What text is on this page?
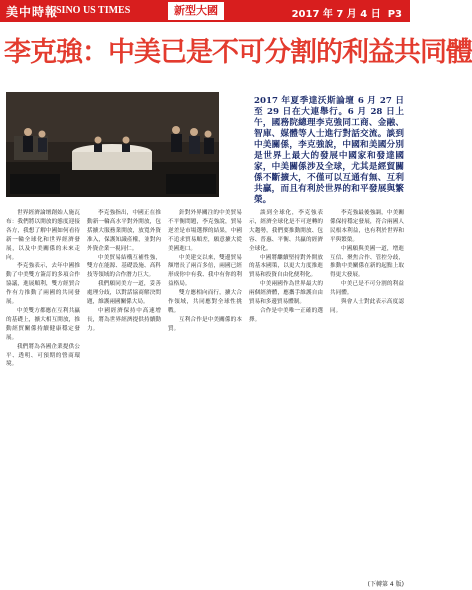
美中時報
SINO US TIMES	新型大國	2017 年 7 月 4 日 P3
李克強：中美已是不可分割的利益共同體
2017 年夏季達沃斯論壇 6 月 27 日至 29 日在大連舉行。6 月 28 日上午，國務院總理李克強同工商、金融、智庫、媒體等人士進行對話交流。談到中美關係，李克強說，中國和美國分別是世界上最大的發展中國家和發達國家，中美關係涉及全球，尤其是經貿關係不斷擴大，不僅可以互通有無、互利共贏，而且有利於世界的和平發展與繁榮。

世界經濟論壇創始人施瓦布：我們將以開放的態度迎接各方，我想了解中國如何看待新一輪全球化和世界經濟發展，以及中美關係的未來走向。

李克強表示，去年中國推動了中美雙方簽訂的多項合作協議，進展順利，雙方經貿合作有力推動了兩國的共同發展。

中美雙方都應在互利共贏的基礎上，擴大相互開放，推動經貿關係持續健康穩定發展。

我們將為各國企業提供公平、透明、可預期的營商環境。

李克強指出，中國正在推動新一輪高水平對外開放，包括擴大服務業開放，放寬外資准入，保護知識產權，並對內外資企業一視同仁。

中美貿易結構互補性強，雙方在能源、基礎設施、高科技等領域的合作潛力巨大。

我們願同美方一道，妥善處理分歧，以對話協商解決問題，維護兩國關係大局。

中國經濟保持中高速增長，將為世界經濟提供持續動力。

針對外界關注的中美貿易不平衡問題，李克強說，貿易逆差是市場選擇的結果，中國不追求貿易順差，願意擴大從美國進口。

中美建交以來，雙邊貿易額增長了兩百多倍，兩國已經形成你中有我、我中有你的利益格局。

雙方應相向而行，擴大合作領域，共同應對全球性挑戰。

互利合作是中美關係的本質。

談到全球化，李克強表示，經濟全球化是不可逆轉的大趨勢，我們要推動開放、包容、普惠、平衡、共贏的經濟全球化。

中國將繼續堅持對外開放的基本國策，以更大力度推進貿易和投資自由化便利化。

中美兩國作為世界最大的兩個經濟體，應攜手維護自由貿易和多邊貿易體制。

合作是中美唯一正確的選擇。

李克強最後強調，中美關係保持穩定發展，符合兩國人民根本利益，也有利於世界和平與繁榮。

中國願與美國一道，增進互信、聚焦合作、管控分歧，推動中美關係在新的起點上取得更大發展。

中美已是不可分割的利益共同體。

與會人士對此表示高度認同。

(下轉第 4 版)
